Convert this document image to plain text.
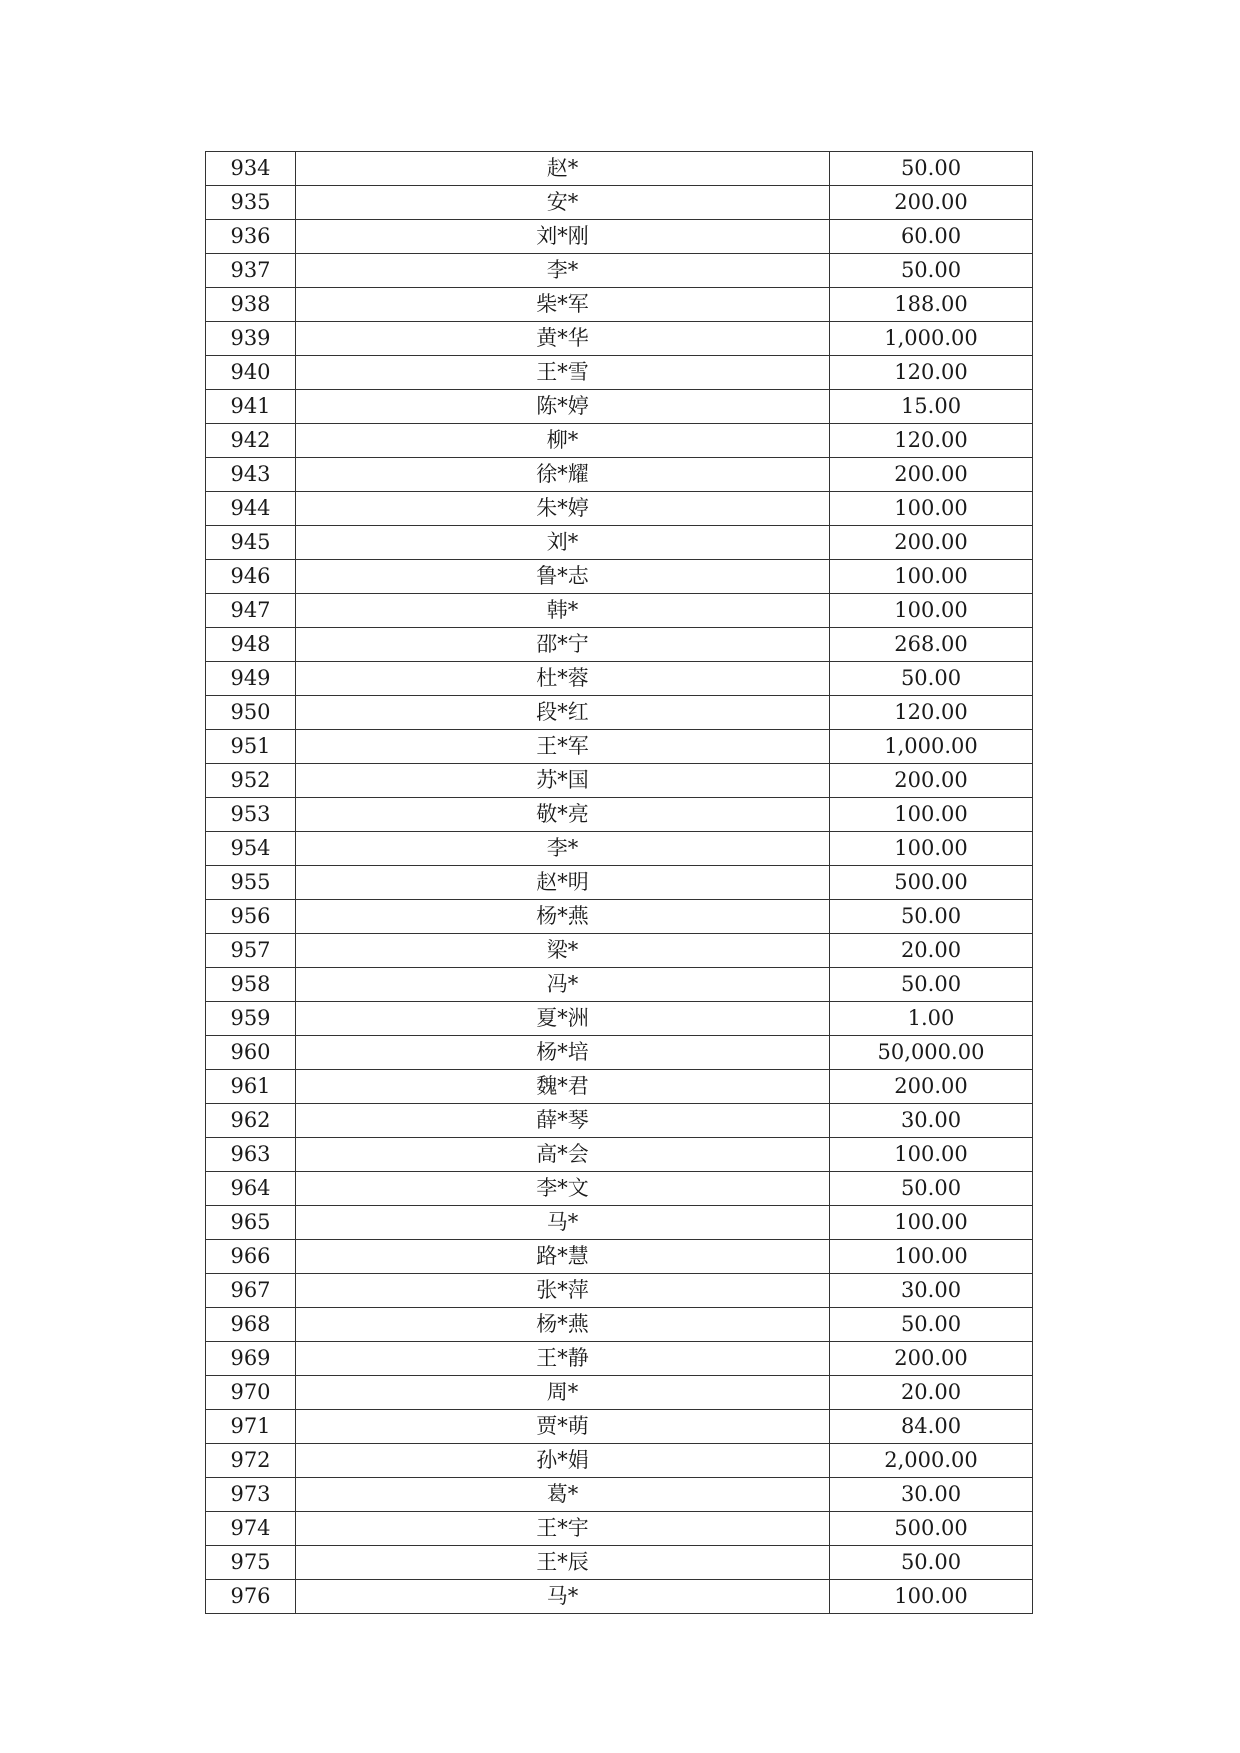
934	赵*	50.00
935	安*	200.00
936	刘*刚	60.00
937	李*	50.00
938	柴*军	188.00
939	黄*华	1,000.00
940	王*雪	120.00
941	陈*婷	15.00
942	柳*	120.00
943	徐*耀	200.00
944	朱*婷	100.00
945	刘*	200.00
946	鲁*志	100.00
947	韩*	100.00
948	邵*宁	268.00
949	杜*蓉	50.00
950	段*红	120.00
951	王*军	1,000.00
952	苏*国	200.00
953	敬*亮	100.00
954	李*	100.00
955	赵*明	500.00
956	杨*燕	50.00
957	梁*	20.00
958	冯*	50.00
959	夏*洲	1.00
960	杨*培	50,000.00
961	魏*君	200.00
962	薛*琴	30.00
963	高*会	100.00
964	李*文	50.00
965	马*	100.00
966	路*慧	100.00
967	张*萍	30.00
968	杨*燕	50.00
969	王*静	200.00
970	周*	20.00
971	贾*萌	84.00
972	孙*娟	2,000.00
973	葛*	30.00
974	王*宇	500.00
975	王*辰	50.00
976	马*	100.00
